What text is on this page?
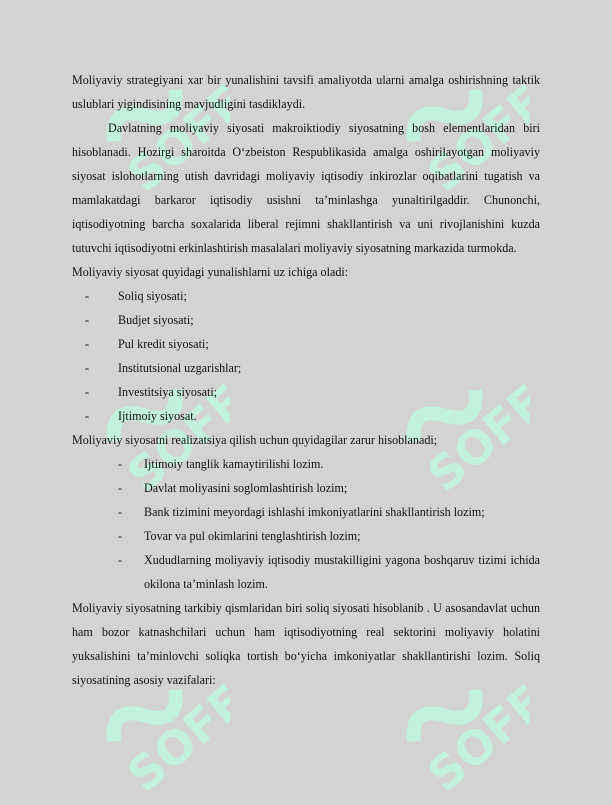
SOFF	SOFF
SOFF	SOFF
SOFF	SOFF

Moliyaviy strategiyani xar bir yunalishini tavsifi amaliyotda ularni amalga oshirishning taktik uslublari yigindisining mavjudligini tasdiklaydi.

Davlatning moliyaviy siyosati makroiktiodiy siyosatning bosh elementlaridan biri hisoblanadi. Hozirgi sharoitda O‘zbeiston Respublikasida amalga oshirilayotgan moliyaviy siyosat islohotlarning utish davridagi moliyaviy iqtisodiy inkirozlar oqibatlarini tugatish va mamlakatdagi barkaror iqtisodiy usishni ta’minlashga yunaltirilgaddir. Chunonchi, iqtisodiyotning barcha soxalarida liberal rejimni shakllantirish va uni rivojlanishini kuzda tutuvchi iqtisodiyotni erkinlashtirish masalalari moliyaviy siyosatning markazida turmokda.

Moliyaviy siyosat quyidagi yunalishlarni uz ichiga oladi:

- Soliq siyosati;
- Budjet siyosati;
- Pul kredit siyosati;
- Institutsional uzgarishlar;
- Investitsiya siyosati;
- Ijtimoiy siyosat.

Moliyaviy siyosatni realizatsiya qilish uchun quyidagilar zarur hisoblanadi;

- Ijtimoiy tanglik kamaytirilishi lozim.
- Davlat moliyasini soglomlashtirish lozim;
- Bank tizimini meyordagi ishlashi imkoniyatlarini shakllantirish lozim;
- Tovar va pul okimlarini tenglashtirish lozim;
- Xududlarning moliyaviy iqtisodiy mustakilligini yagona boshqaruv tizimi ichida okilona ta’minlash lozim.

Moliyaviy siyosatning tarkibiy qismlaridan biri soliq siyosati hisoblanib . U asosandavlat uchun ham bozor katnashchilari uchun ham iqtisodiyotning real sektorini moliyaviy holatini yuksalishini ta’minlovchi soliqka tortish bo‘yicha imkoniyatlar shakllantirishi lozim. Soliq siyosatining asosiy vazifalari:
